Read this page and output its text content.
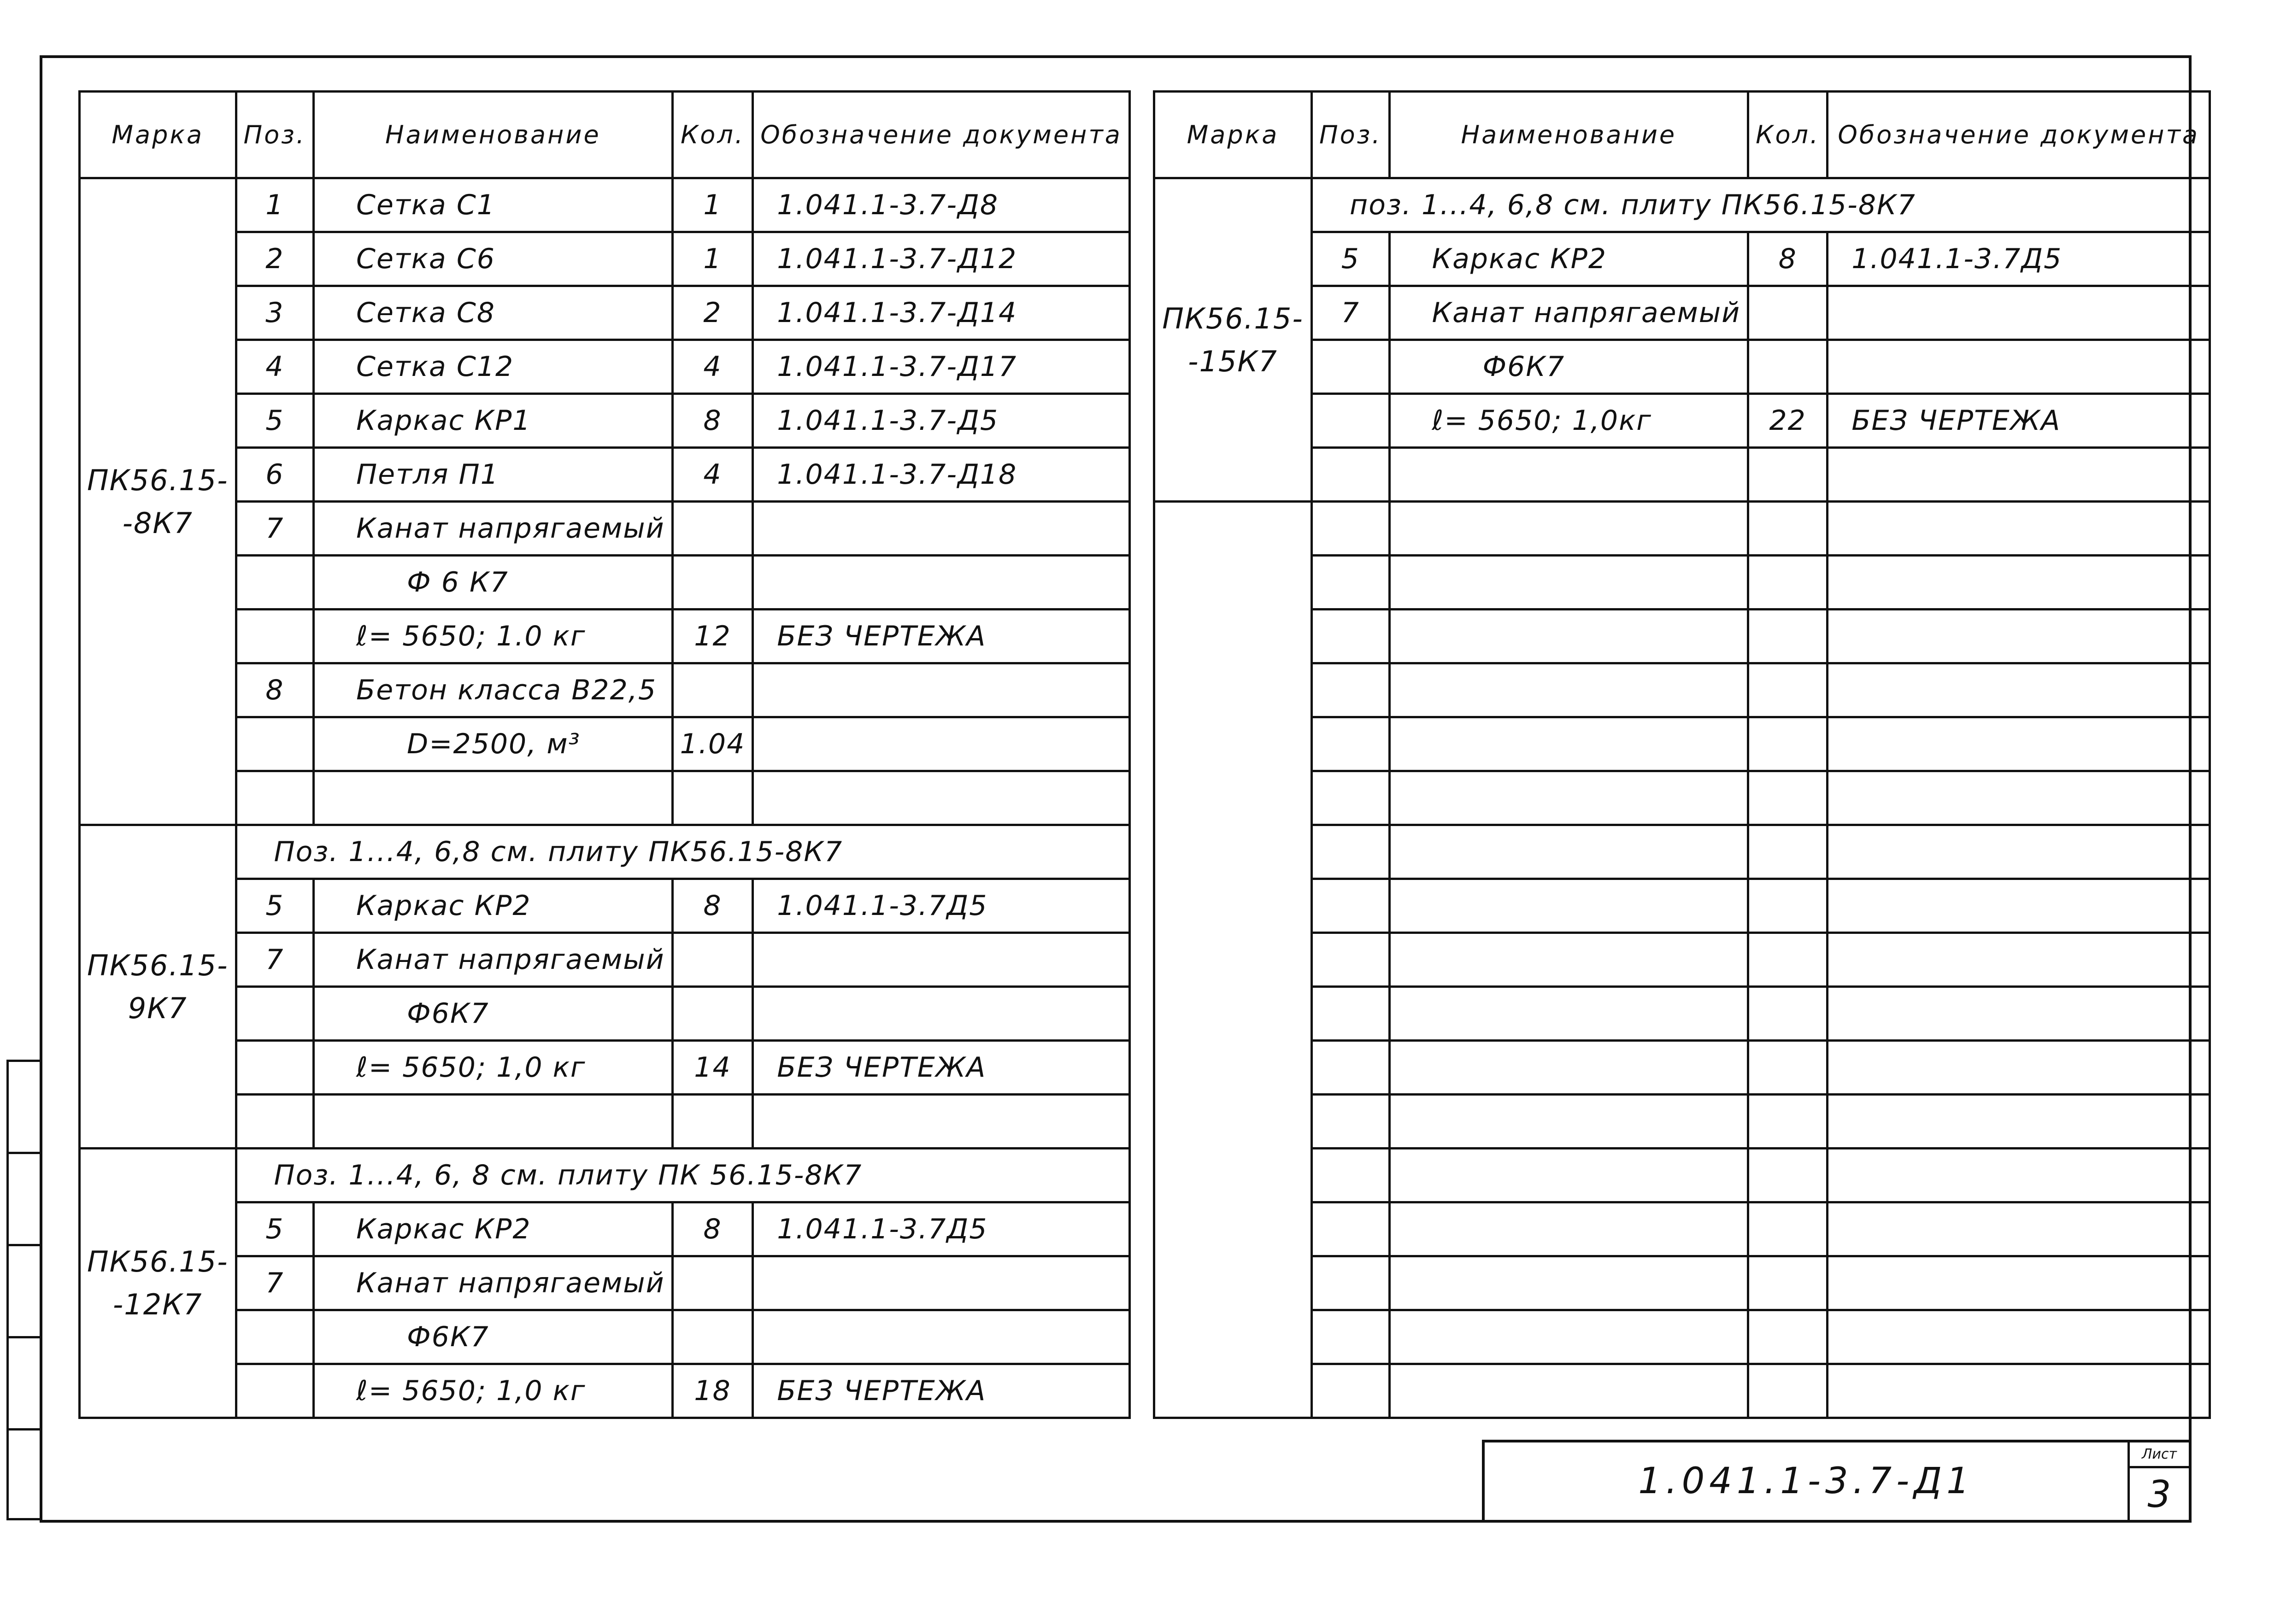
Марка	Поз.	Наименование	Кол.	Обозначение документа
ПК56.15-
-8К7	1	Сетка С1	1	1.041.1-3.7-Д8
	2	Сетка С6	1	1.041.1-3.7-Д12
	3	Сетка С8	2	1.041.1-3.7-Д14
	4	Сетка С12	4	1.041.1-3.7-Д17
	5	Каркас КР1	8	1.041.1-3.7-Д5
	6	Петля П1	4	1.041.1-3.7-Д18
	7	Канат напрягаемый		
		Ф 6 К7		
		ℓ= 5650; 1.0 кг	12	БЕЗ ЧЕРТЕЖА
	8	Бетон класса В22,5		
		D=2500, м³	1.04	

ПК56.15-
9К7	Поз. 1...4, 6,8 см. плиту ПК56.15-8К7			
	5	Каркас КР2	8	1.041.1-3.7Д5
	7	Канат напрягаемый		
		Ф6К7		
		ℓ= 5650; 1,0 кг	14	БЕЗ ЧЕРТЕЖА

ПК56.15-
-12К7	Поз. 1...4, 6, 8 см. плиту ПК 56.15-8К7			
	5	Каркас КР2	8	1.041.1-3.7Д5
	7	Канат напрягаемый		
		Ф6К7		
		ℓ= 5650; 1,0 кг	18	БЕЗ ЧЕРТЕЖА
Марка	Поз.	Наименование	Кол.	Обозначение документа
ПК56.15-
-15К7	поз. 1...4, 6,8 см. плиту ПК56.15-8К7			
	5	Каркас КР2	8	1.041.1-3.7Д5
	7	Канат напрягаемый		
		Ф6К7		
		ℓ= 5650; 1,0кг	22	БЕЗ ЧЕРТЕЖА

1.041.1-3.7-Д1
Лист
3
